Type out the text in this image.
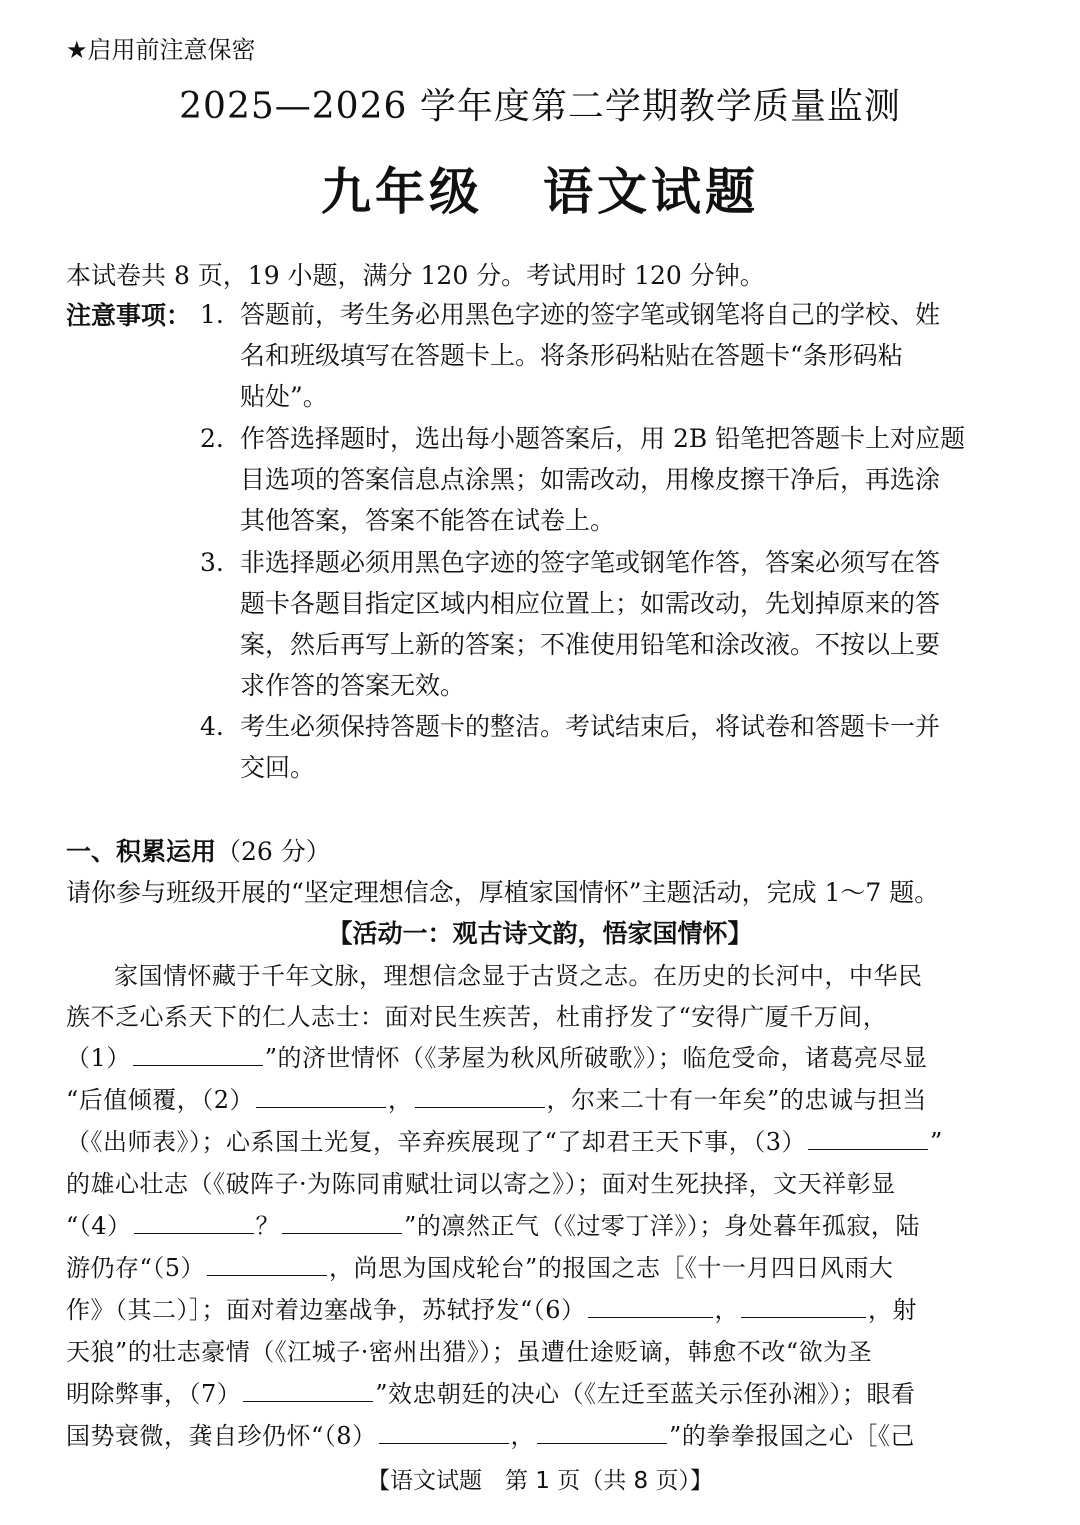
★启用前注意保密
2025—2026 学年度第二学期教学质量监测
九年级 语文试题
本试卷共 8 页，19 小题，满分 120 分。考试用时 120 分钟。
注意事项： 1. 答题前，考生务必用黑色字迹的签字笔或钢笔将自己的学校、姓
名和班级填写在答题卡上。将条形码粘贴在答题卡“条形码粘
贴处”。
2. 作答选择题时，选出每小题答案后，用 2B 铅笔把答题卡上对应题
目选项的答案信息点涂黑；如需改动，用橡皮擦干净后，再选涂
其他答案，答案不能答在试卷上。
3. 非选择题必须用黑色字迹的签字笔或钢笔作答，答案必须写在答
题卡各题目指定区域内相应位置上；如需改动，先划掉原来的答
案，然后再写上新的答案；不准使用铅笔和涂改液。不按以上要
求作答的答案无效。
4. 考生必须保持答题卡的整洁。考试结束后，将试卷和答题卡一并
交回。
一、积累运用（26 分）
请你参与班级开展的“坚定理想信念，厚植家国情怀”主题活动，完成 1～7 题。
【活动一：观古诗文韵，悟家国情怀】
家国情怀藏于千年文脉，理想信念显于古贤之志。在历史的长河中，中华民
族不乏心系天下的仁人志士：面对民生疾苦，杜甫抒发了“安得广厦千万间，
（1）	”的济世情怀（《茅屋为秋风所破歌》）；临危受命，诸葛亮尽显
“后值倾覆，（2）	，	，尔来二十有一年矣”的忠诚与担当
（《出师表》）；心系国土光复，辛弃疾展现了“了却君王天下事，（3）	”
的雄心壮志（《破阵子·为陈同甫赋壮词以寄之》）；面对生死抉择，文天祥彰显
“（4）	？	”的凛然正气（《过零丁洋》）；身处暮年孤寂，陆
游仍存“（5）	，尚思为国戍轮台”的报国之志［《十一月四日风雨大
作》（其二）］；面对着边塞战争，苏轼抒发“（6）	，	，射
天狼”的壮志豪情（《江城子·密州出猎》）；虽遭仕途贬谪，韩愈不改“欲为圣
明除弊事，（7）	”效忠朝廷的决心（《左迁至蓝关示侄孙湘》）；眼看
国势衰微，龚自珍仍怀“（8）	，	”的拳拳报国之心［《己
【语文试题　第 1 页（共 8 页）】
